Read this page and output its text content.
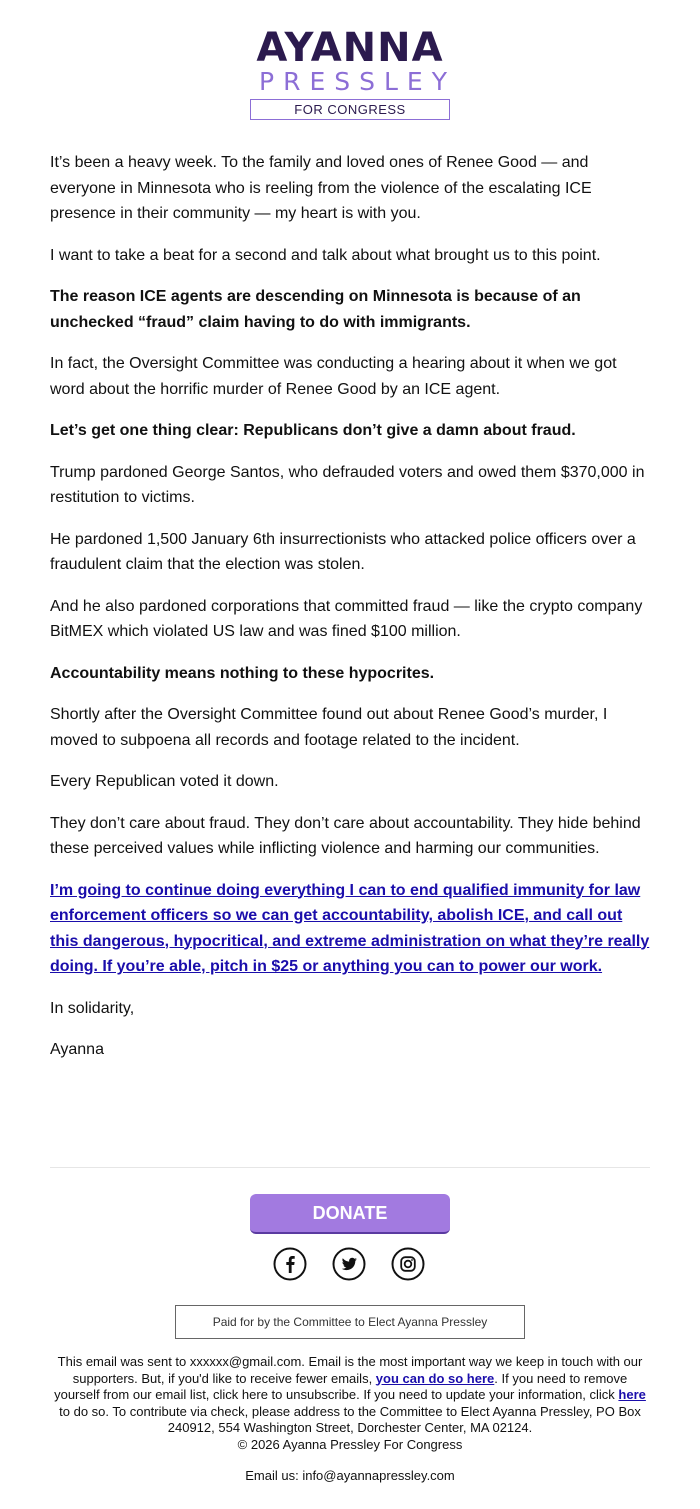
AYANNA
PRESSLEY
FOR CONGRESS

It’s been a heavy week. To the family and loved ones of Renee Good — and everyone in Minnesota who is reeling from the violence of the escalating ICE presence in their community — my heart is with you.

I want to take a beat for a second and talk about what brought us to this point.

The reason ICE agents are descending on Minnesota is because of an unchecked “fraud” claim having to do with immigrants.

In fact, the Oversight Committee was conducting a hearing about it when we got word about the horrific murder of Renee Good by an ICE agent.

Let’s get one thing clear: Republicans don’t give a damn about fraud.

Trump pardoned George Santos, who defrauded voters and owed them $370,000 in restitution to victims.

He pardoned 1,500 January 6th insurrectionists who attacked police officers over a fraudulent claim that the election was stolen.

And he also pardoned corporations that committed fraud — like the crypto company BitMEX which violated US law and was fined $100 million.

Accountability means nothing to these hypocrites.

Shortly after the Oversight Committee found out about Renee Good’s murder, I moved to subpoena all records and footage related to the incident.

Every Republican voted it down.

They don’t care about fraud. They don’t care about accountability. They hide behind these perceived values while inflicting violence and harming our communities.

I’m going to continue doing everything I can to end qualified immunity for law enforcement officers so we can get accountability, abolish ICE, and call out this dangerous, hypocritical, and extreme administration on what they’re really doing. If you’re able, pitch in $25 or anything you can to power our work.

In solidarity,

Ayanna

DONATE
Paid for by the Committee to Elect Ayanna Pressley
This email was sent to xxxxxx@gmail.com. Email is the most important way we keep in touch with our supporters. But, if you'd like to receive fewer emails, you can do so here. If you need to remove yourself from our email list, click here to unsubscribe. If you need to update your information, click here to do so. To contribute via check, please address to the Committee to Elect Ayanna Pressley, PO Box 240912, 554 Washington Street, Dorchester Center, MA 02124.
© 2026 Ayanna Pressley For Congress
Email us: info@ayannapressley.com
